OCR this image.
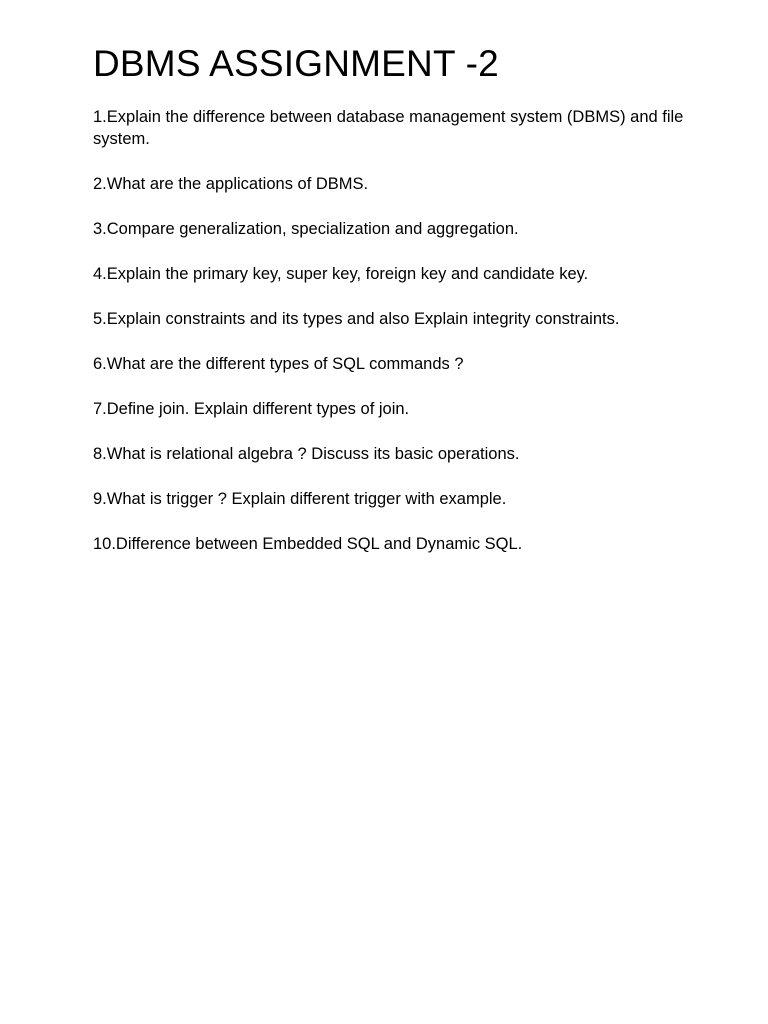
DBMS ASSIGNMENT -2
1.Explain the difference between database management system (DBMS) and file system.
2.What are the applications of DBMS.
3.Compare generalization, specialization and aggregation.
4.Explain the primary key, super key, foreign key and candidate key.
5.Explain constraints and its types and also Explain integrity constraints.
6.What are the different types of SQL commands ?
7.Define join. Explain different types of join.
8.What is relational algebra ? Discuss its basic operations.
9.What is trigger ? Explain different trigger with example.
10.Difference between Embedded SQL and Dynamic SQL.
